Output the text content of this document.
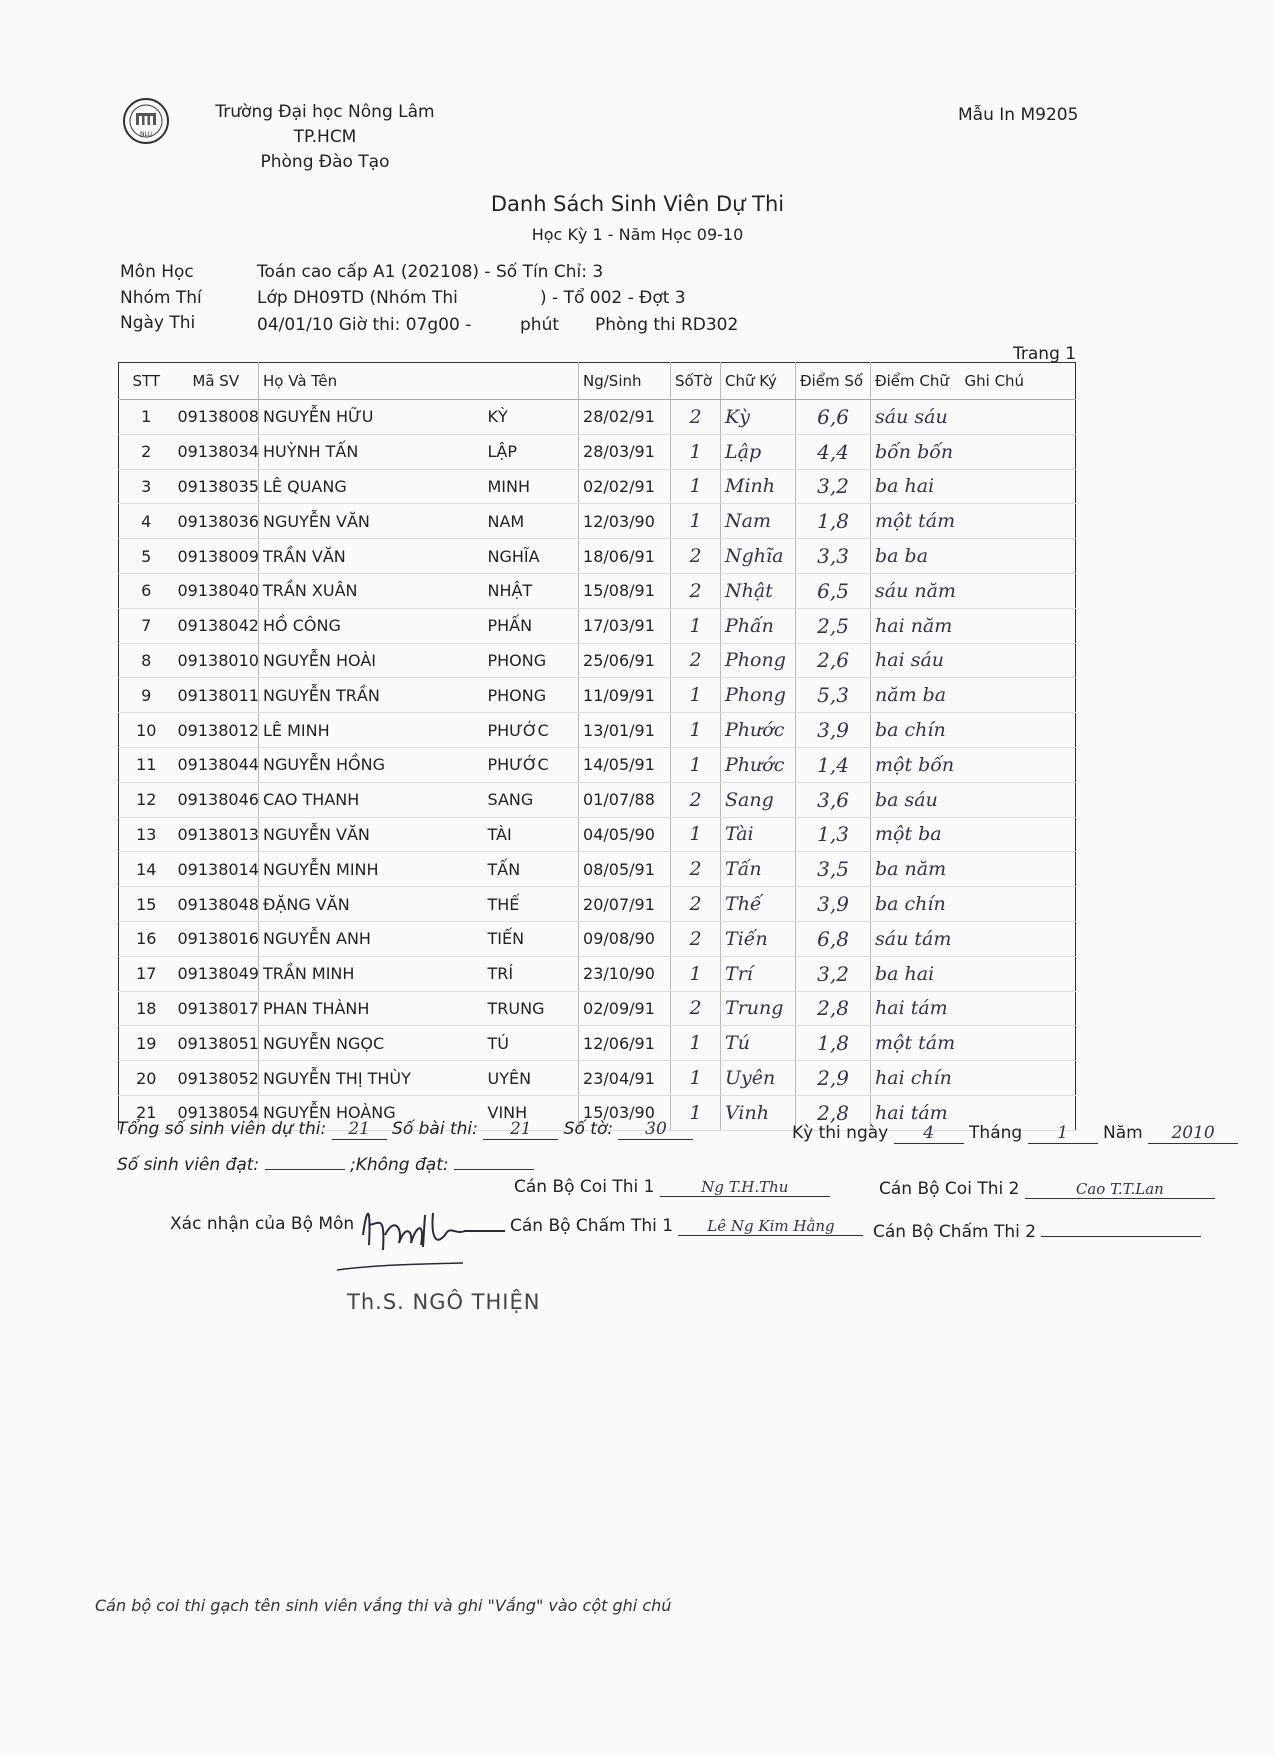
NLU
Trường Đại học Nông Lâm
TP.HCM
Phòng Đào Tạo
Mẫu In M9205
Danh Sách Sinh Viên Dự Thi
Học Kỳ 1 - Năm Học 09-10
Môn Học	Toán cao cấp A1 (202108) - Số Tín Chỉ: 3
Nhóm Thí	Lớp DH09TD (Nhóm Thi	) - Tổ 002 - Đợt 3
Ngày Thi	04/01/10 Giờ thi: 07g00 -	phút Phòng thi RD302
Trang 1
STT	Mã SV	Họ Và Tên		Ng/Sinh	SốTờ	Chữ Ký	Điểm Số	Điểm Chữ	Ghi Chú
1	09138008	NGUYỄN HỮU	KỲ	28/02/91	2	Kỳ	6,6	sáu sáu	
2	09138034	HUỲNH TẤN	LẬP	28/03/91	1	Lập	4,4	bốn bốn	
3	09138035	LÊ QUANG	MINH	02/02/91	1	Minh	3,2	ba hai	
4	09138036	NGUYỄN VĂN	NAM	12/03/90	1	Nam	1,8	một tám	
5	09138009	TRẦN VĂN	NGHĨA	18/06/91	2	Nghĩa	3,3	ba ba	
6	09138040	TRẦN XUÂN	NHẬT	15/08/91	2	Nhật	6,5	sáu năm	
7	09138042	HỒ CÔNG	PHẤN	17/03/91	1	Phấn	2,5	hai năm	
8	09138010	NGUYỄN HOÀI	PHONG	25/06/91	2	Phong	2,6	hai sáu	
9	09138011	NGUYỄN TRẦN	PHONG	11/09/91	1	Phong	5,3	năm ba	
10	09138012	LÊ MINH	PHƯỚC	13/01/91	1	Phước	3,9	ba chín	
11	09138044	NGUYỄN HỒNG	PHƯỚC	14/05/91	1	Phước	1,4	một bốn	
12	09138046	CAO THANH	SANG	01/07/88	2	Sang	3,6	ba sáu	
13	09138013	NGUYỄN VĂN	TÀI	04/05/90	1	Tài	1,3	một ba	
14	09138014	NGUYỄN MINH	TẤN	08/05/91	2	Tấn	3,5	ba năm	
15	09138048	ĐẶNG VĂN	THẾ	20/07/91	2	Thế	3,9	ba chín	
16	09138016	NGUYỄN ANH	TIẾN	09/08/90	2	Tiến	6,8	sáu tám	
17	09138049	TRẦN MINH	TRÍ	23/10/90	1	Trí	3,2	ba hai	
18	09138017	PHAN THÀNH	TRUNG	02/09/91	2	Trung	2,8	hai tám	
19	09138051	NGUYỄN NGỌC	TÚ	12/06/91	1	Tú	1,8	một tám	
20	09138052	NGUYỄN THỊ THÙY	UYÊN	23/04/91	1	Uyên	2,9	hai chín	
21	09138054	NGUYỄN HOÀNG	VINH	15/03/90	1	Vinh	2,8	hai tám	
Tổng số sinh viên dự thi: 21 Số bài thi: 21 Số tờ: 30	Kỳ thi ngày 4 Tháng 1 Năm 2010
Số sinh viên đạt:	;Không đạt:
Cán Bộ Coi Thi 1	Ng T.H.Thu	Cán Bộ Coi Thi 2	Cao T.T.Lan
Xác nhận của Bộ Môn	Cán Bộ Chấm Thi 1 Lê Ng Kim Hằng	Cán Bộ Chấm Thi 2
Th.S. NGÔ THIỆN
Cán bộ coi thi gạch tên sinh viên vắng thi và ghi "Vắng" vào cột ghi chú
